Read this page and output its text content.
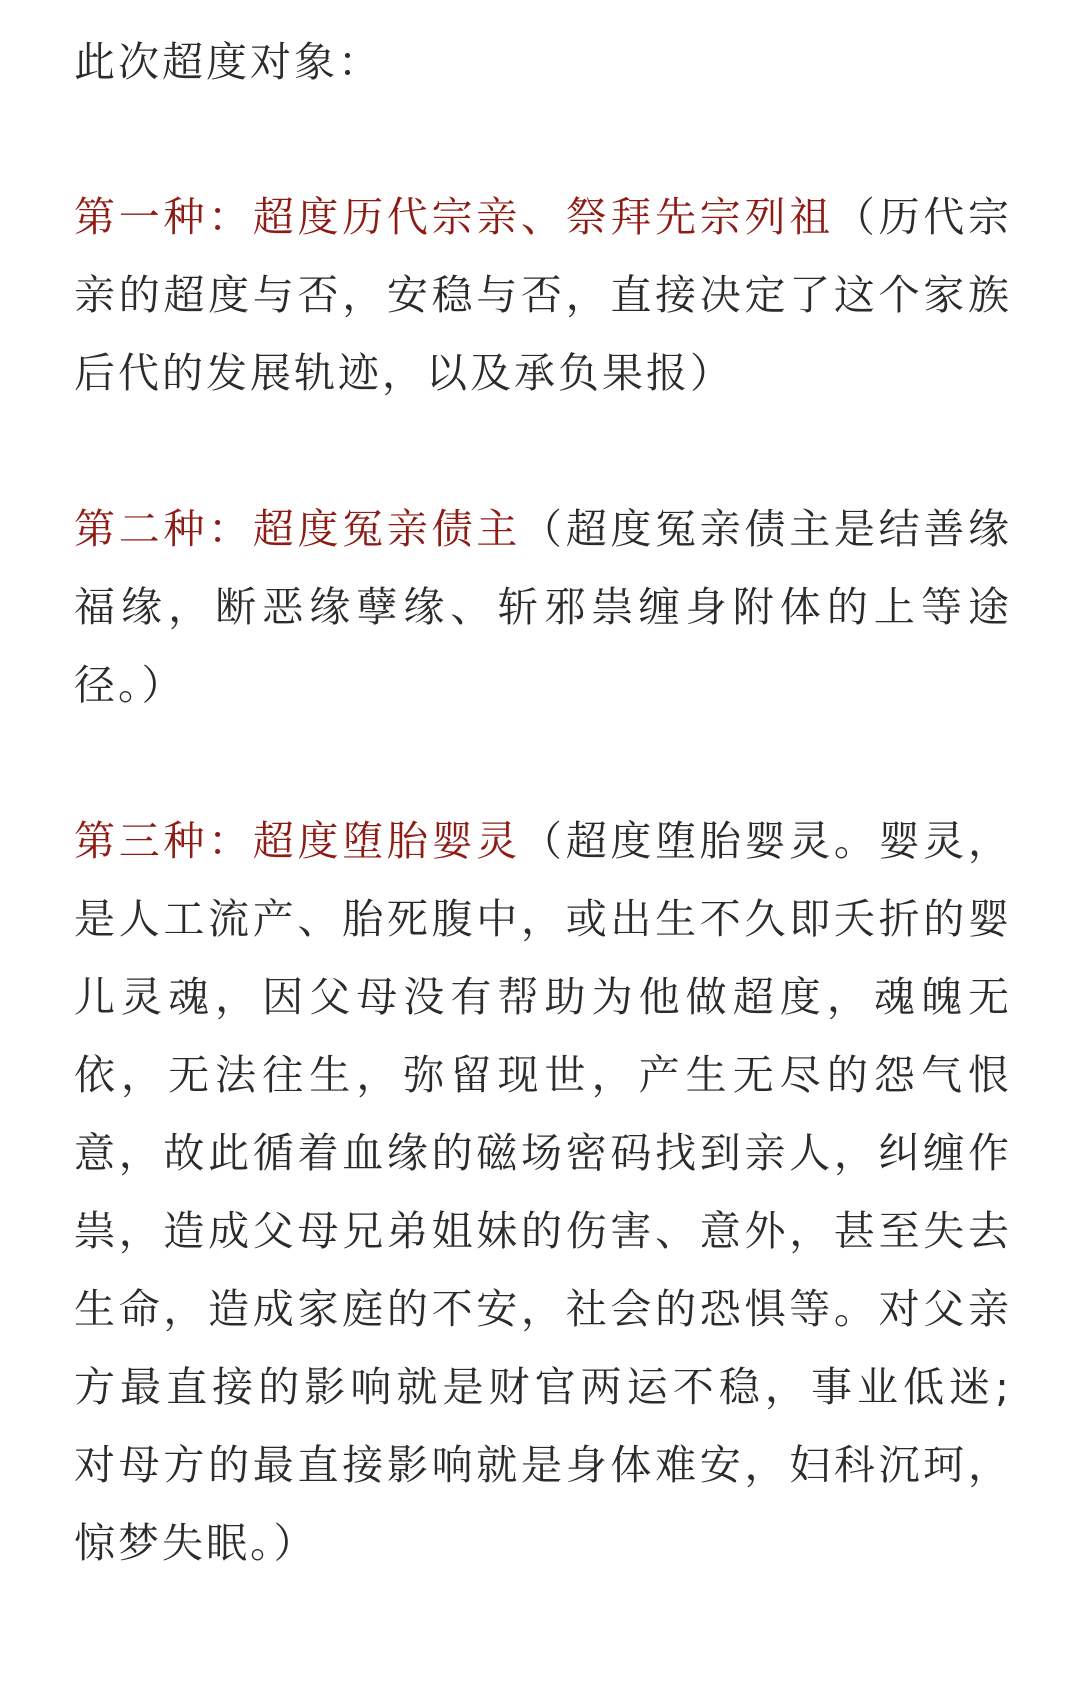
此次超度对象：

第一种：超度历代宗亲、祭拜先宗列祖（历代宗亲的超度与否，安稳与否，直接决定了这个家族后代的发展轨迹，以及承负果报）

第二种：超度冤亲债主（超度冤亲债主是结善缘福缘，断恶缘孽缘、斩邪祟缠身附体的上等途径。）

第三种：超度堕胎婴灵（超度堕胎婴灵。婴灵，是人工流产、胎死腹中，或出生不久即夭折的婴儿灵魂，因父母没有帮助为他做超度，魂魄无依，无法往生，弥留现世，产生无尽的怨气恨意，故此循着血缘的磁场密码找到亲人，纠缠作祟，造成父母兄弟姐妹的伤害、意外，甚至失去生命，造成家庭的不安，社会的恐惧等。对父亲方最直接的影响就是财官两运不稳，事业低迷;对母方的最直接影响就是身体难安，妇科沉珂，惊梦失眠。）
